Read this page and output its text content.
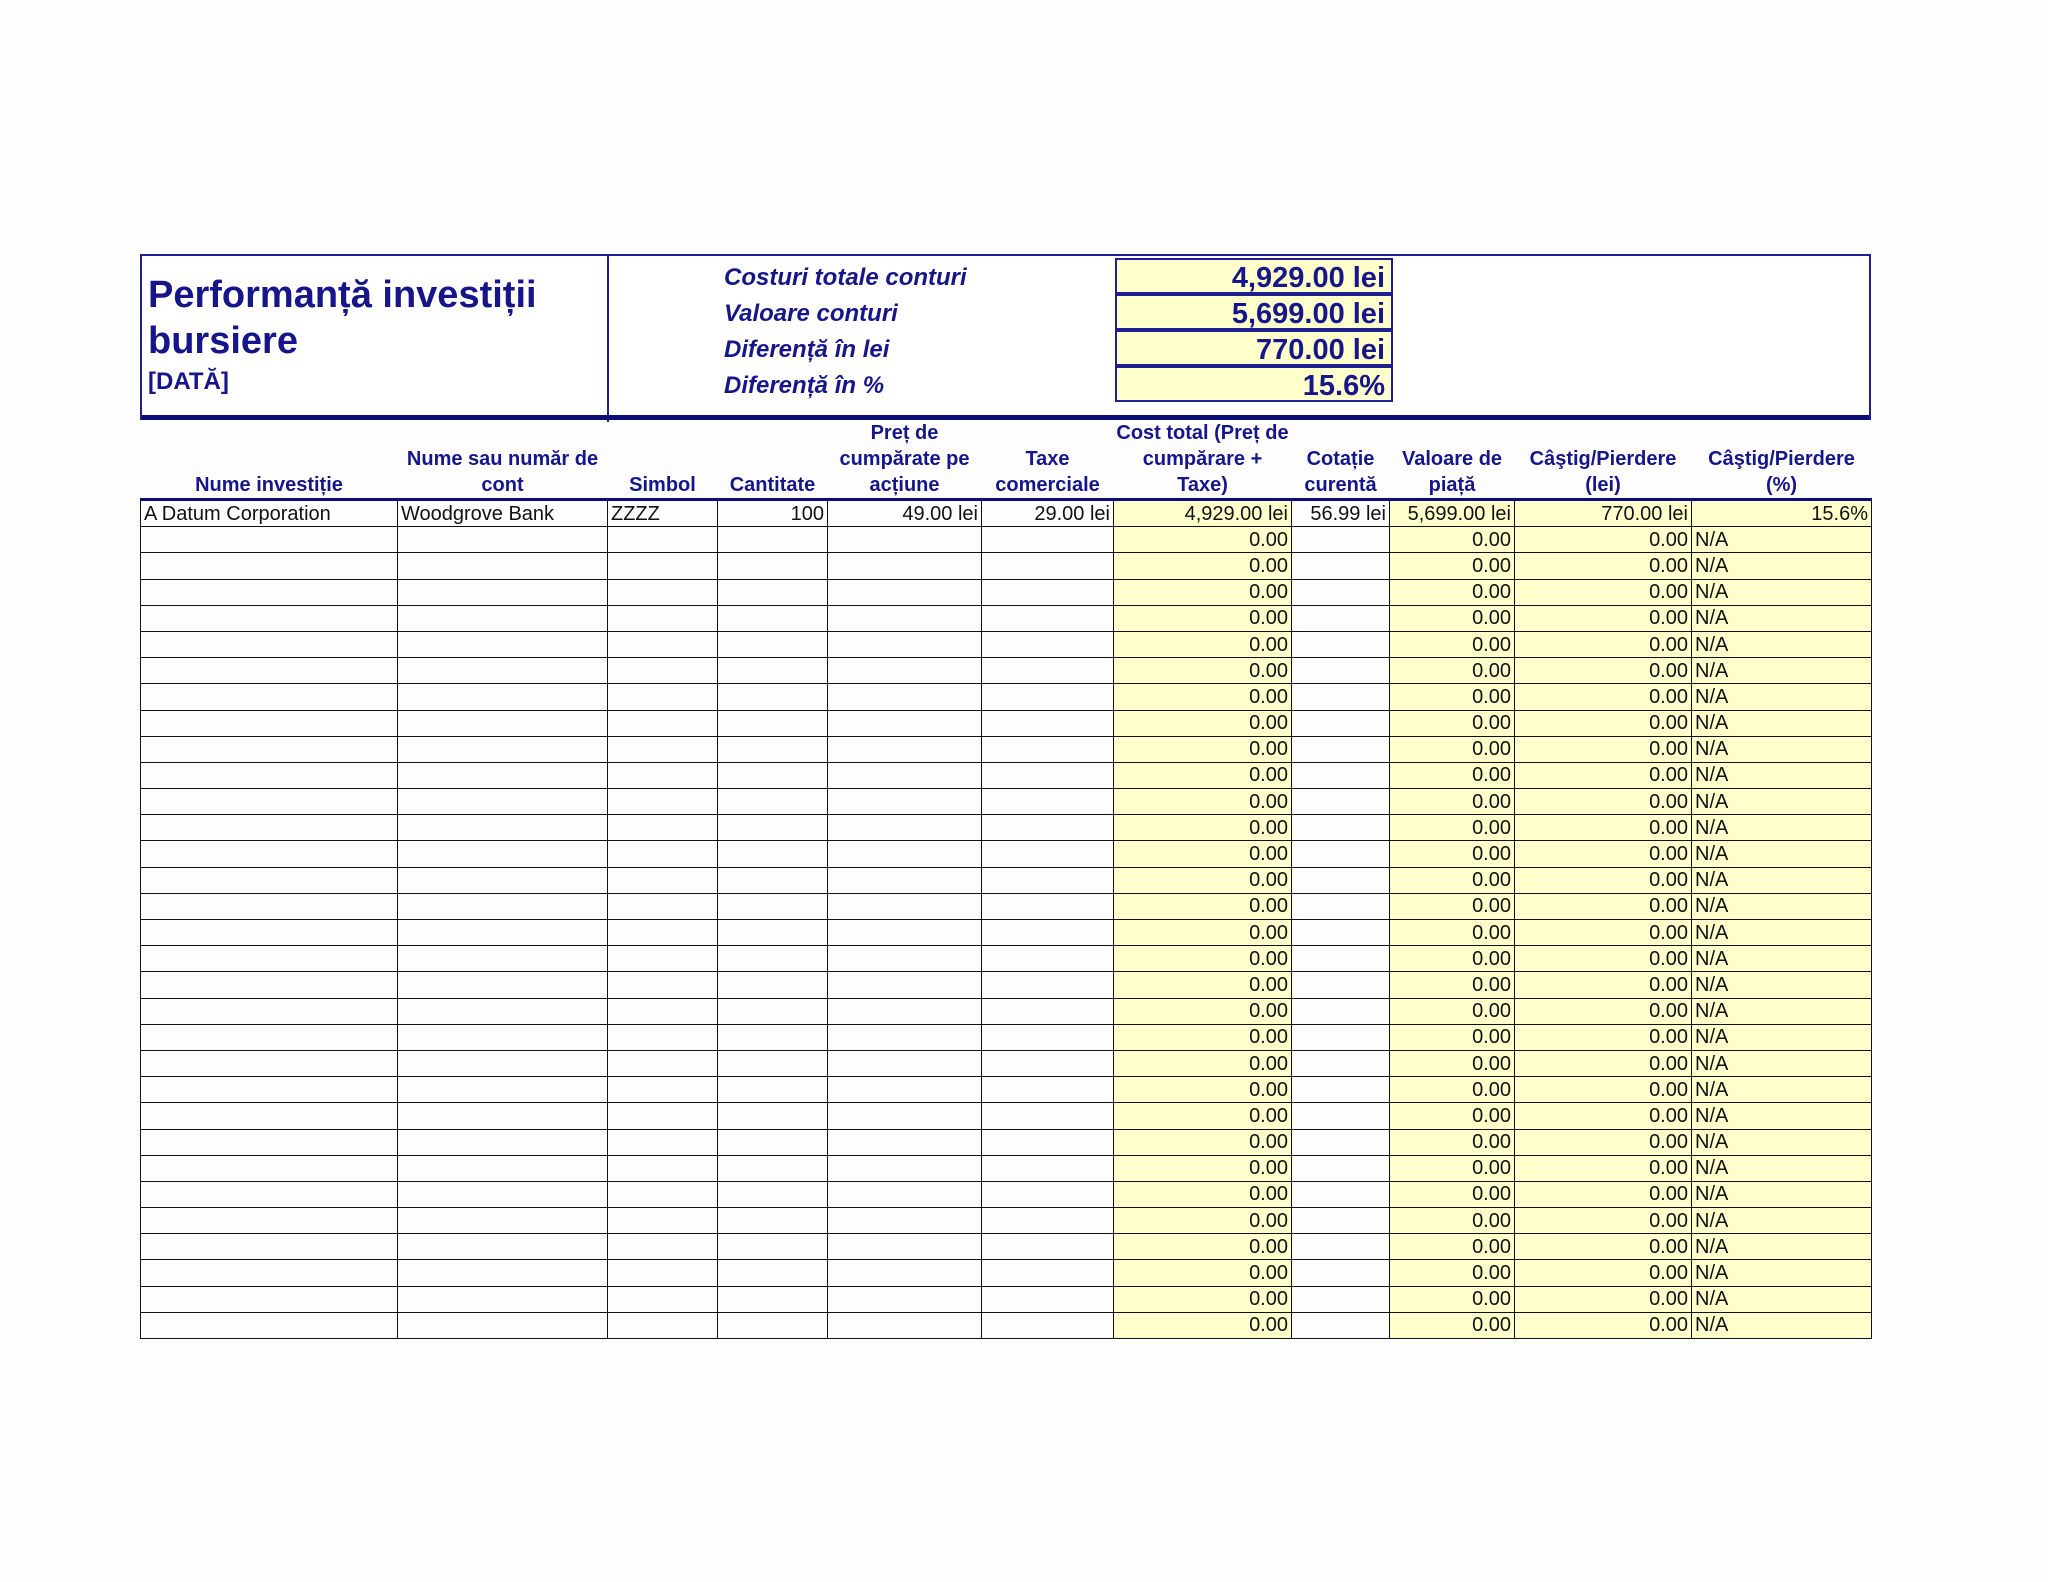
Performanță investiții bursiere
[DATĂ]
Costuri totale conturi	4,929.00 lei
Valoare conturi	5,699.00 lei
Diferență în lei	770.00 lei
Diferență în %	15.6%
Nume investiție	Nume sau număr de cont	Simbol	Cantitate	Preț de cumpărate pe acțiune	Taxe comerciale	Cost total (Preț de cumpărare + Taxe)	Cotație curentă	Valoare de piață	Câştig/Pierdere (lei)	Câştig/Pierdere (%)
A Datum Corporation	Woodgrove Bank	ZZZZ	100	49.00 lei	29.00 lei	4,929.00 lei	56.99 lei	5,699.00 lei	770.00 lei	15.6%
						0.00		0.00	0.00	N/A
						0.00		0.00	0.00	N/A
						0.00		0.00	0.00	N/A
						0.00		0.00	0.00	N/A
						0.00		0.00	0.00	N/A
						0.00		0.00	0.00	N/A
						0.00		0.00	0.00	N/A
						0.00		0.00	0.00	N/A
						0.00		0.00	0.00	N/A
						0.00		0.00	0.00	N/A
						0.00		0.00	0.00	N/A
						0.00		0.00	0.00	N/A
						0.00		0.00	0.00	N/A
						0.00		0.00	0.00	N/A
						0.00		0.00	0.00	N/A
						0.00		0.00	0.00	N/A
						0.00		0.00	0.00	N/A
						0.00		0.00	0.00	N/A
						0.00		0.00	0.00	N/A
						0.00		0.00	0.00	N/A
						0.00		0.00	0.00	N/A
						0.00		0.00	0.00	N/A
						0.00		0.00	0.00	N/A
						0.00		0.00	0.00	N/A
						0.00		0.00	0.00	N/A
						0.00		0.00	0.00	N/A
						0.00		0.00	0.00	N/A
						0.00		0.00	0.00	N/A
						0.00		0.00	0.00	N/A
						0.00		0.00	0.00	N/A
						0.00		0.00	0.00	N/A
